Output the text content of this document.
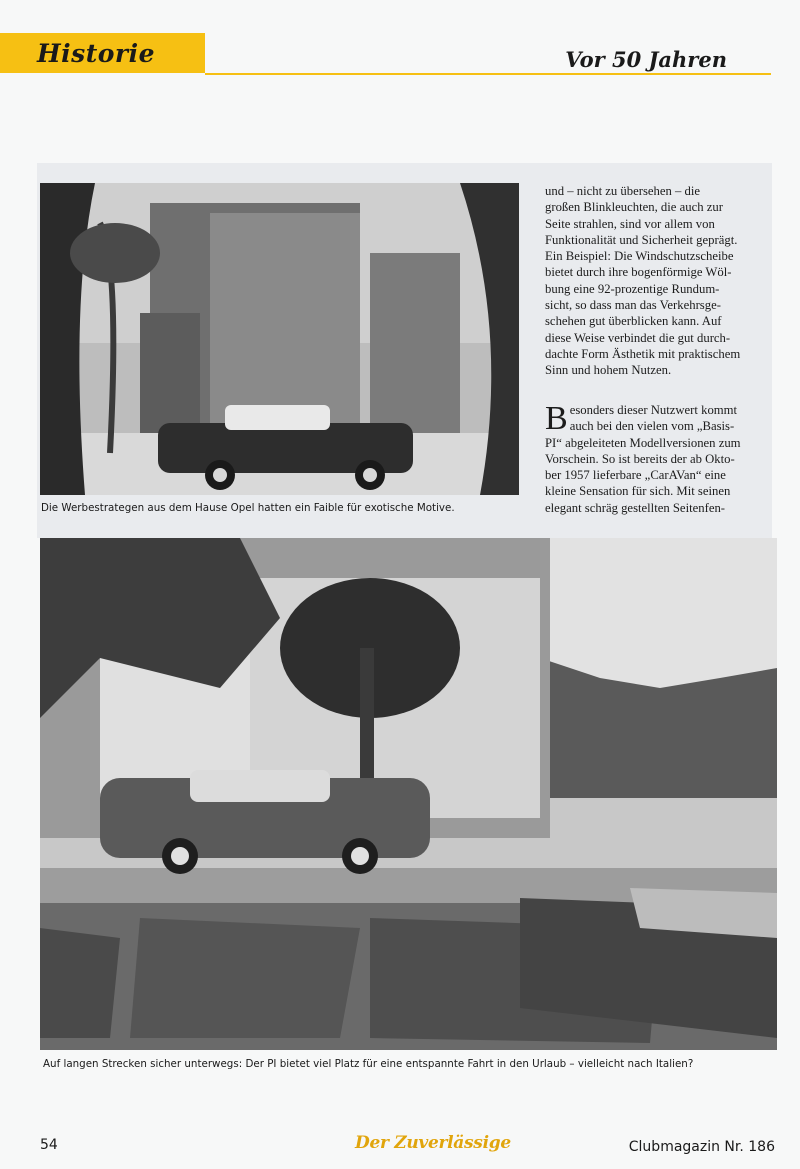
Historie	Vor 50 Jahren
Die Werbestrategen aus dem Hause Opel hatten ein Faible für exotische Motive.
und – nicht zu übersehen – die
großen Blinkleuchten, die auch zur
Seite strahlen, sind vor allem von
Funktionalität und Sicherheit geprägt.
Ein Beispiel: Die Windschutzscheibe
bietet durch ihre bogenförmige Wöl-
bung eine 92-prozentige Rundum-
sicht, so dass man das Verkehrsge-
schehen gut überblicken kann. Auf
diese Weise verbindet die gut durch-
dachte Form Ästhetik mit praktischem
Sinn und hohem Nutzen.
B esonders dieser Nutzwert kommt
auch bei den vielen vom „Basis-
PI“ abgeleiteten Modellversionen zum
Vorschein. So ist bereits der ab Okto-
ber 1957 lieferbare „CarAVan“ eine
kleine Sensation für sich. Mit seinen
elegant schräg gestellten Seitenfen-
Auf langen Strecken sicher unterwegs: Der PI bietet viel Platz für eine entspannte Fahrt in den Urlaub – vielleicht nach Italien?
54	Der Zuverlässige	Clubmagazin Nr. 186
